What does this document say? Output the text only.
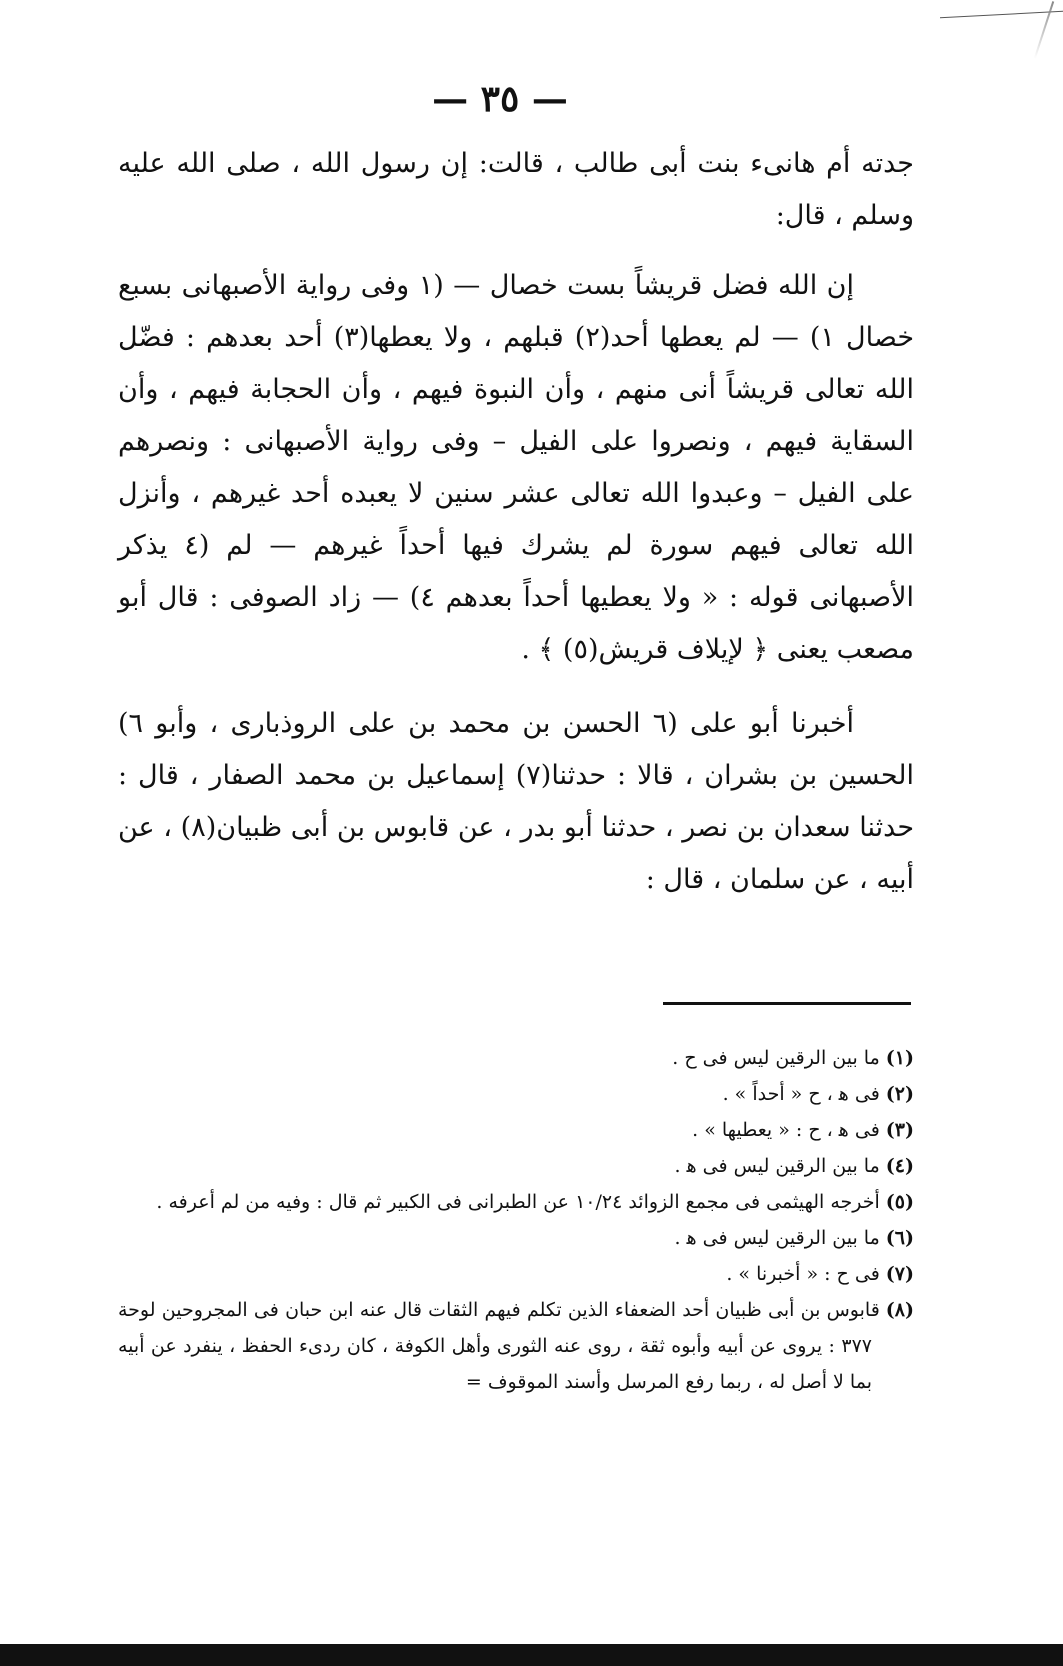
— ٣٥ —

جدته أم هانىء بنت أبى طالب ، قالت: إن رسول الله ، صلى الله عليه وسلم ، قال:

إن الله فضل قريشاً بست خصال — (١ وفى رواية الأصبهانى بسبع خصال ١) — لم يعطها أحد(٢) قبلهم ، ولا يعطها(٣) أحد بعدهم : فضّل الله تعالى قريشاً أنى منهم ، وأن النبوة فيهم ، وأن الحجابة فيهم ، وأن السقاية فيهم ، ونصروا على الفيل – وفى رواية الأصبهانى : ونصرهم على الفيل – وعبدوا الله تعالى عشر سنين لا يعبده أحد غيرهم ، وأنزل الله تعالى فيهم سورة لم يشرك فيها أحداً غيرهم — لم (٤ يذكر الأصبهانى قوله : « ولا يعطيها أحداً بعدهم ٤) — زاد الصوفى : قال أبو مصعب يعنى ﴿ لإيلاف قريش(٥) ﴾ .

أخبرنا أبو على (٦ الحسن بن محمد بن على الروذبارى ، وأبو ٦) الحسين بن بشران ، قالا : حدثنا(٧) إسماعيل بن محمد الصفار ، قال : حدثنا سعدان بن نصر ، حدثنا أبو بدر ، عن قابوس بن أبى ظبيان(٨) ، عن أبيه ، عن سلمان ، قال :

(١)ما بين الرقين ليس فى ح .

(٢)فى ﻫ ، ح « أحداً » .

(٣)فى ﻫ ، ح : « يعطيها » .

(٤)ما بين الرقين ليس فى ﻫ .

(٥)أخرجه الهيثمى فى مجمع الزوائد ١٠/٢٤ عن الطبرانى فى الكبير ثم قال : وفيه من لم أعرفه .

(٦)ما بين الرقين ليس فى ﻫ .

(٧)فى ح : « أخبرنا » .

(٨)قابوس بن أبى ظبيان أحد الضعفاء الذين تكلم فيهم الثقات قال عنه ابن حبان فى المجروحين لوحة ٣٧٧ : يروى عن أبيه وأبوه ثقة ، روى عنه الثورى وأهل الكوفة ، كان ردىء الحفظ ، ينفرد عن أبيه بما لا أصل له ، ربما رفع المرسل وأسند الموقوف =
